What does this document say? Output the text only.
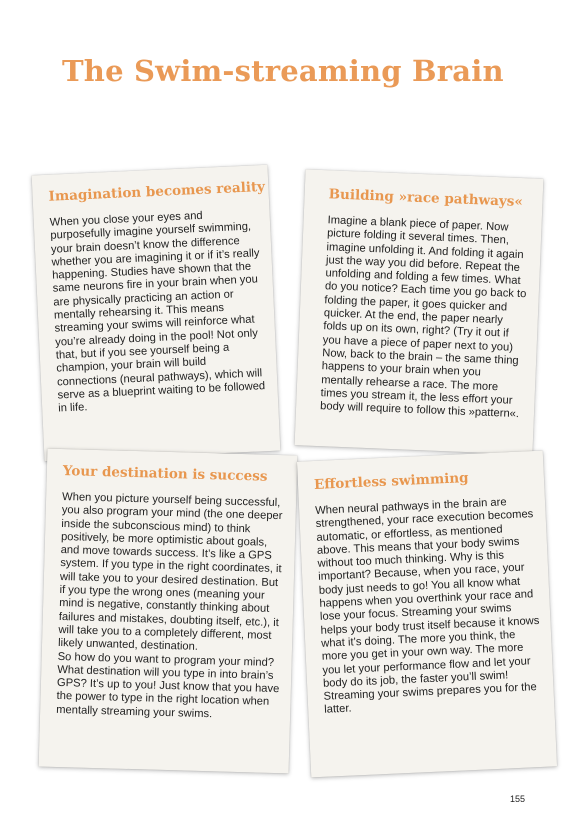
The Swim-streaming Brain
Imagination becomes reality

When you close your eyes and purposefully imagine yourself swimming, your brain doesn’t know the difference whether you are imagining it or if it’s really happening. Studies have shown that the same neurons fire in your brain when you are physically practicing an action or mentally rehearsing it. This means streaming your swims will reinforce what you’re already doing in the pool! Not only that, but if you see yourself being a champion, your brain will build connections (neural pathways), which will serve as a blueprint waiting to be followed in life.

Building »race pathways«

Imagine a blank piece of paper. Now picture folding it several times. Then, imagine unfolding it. And folding it again just the way you did before. Repeat the unfolding and folding a few times. What do you notice? Each time you go back to folding the paper, it goes quicker and quicker. At the end, the paper nearly folds up on its own, right? (Try it out if you have a piece of paper next to you) Now, back to the brain – the same thing happens to your brain when you mentally rehearse a race. The more times you stream it, the less effort your body will require to follow this »pattern«.

Your destination is success

When you picture yourself being successful, you also program your mind (the one deeper inside the subconscious mind) to think positively, be more optimistic about goals, and move towards success. It’s like a GPS system. If you type in the right coordinates, it will take you to your desired destination. But if you type the wrong ones (meaning your mind is negative, constantly thinking about failures and mistakes, doubting itself, etc.), it will take you to a completely different, most likely unwanted, destination.

So how do you want to program your mind? What destination will you type in into brain’s GPS? It’s up to you! Just know that you have the power to type in the right location when mentally streaming your swims.

Effortless swimming

When neural pathways in the brain are strengthened, your race execution becomes automatic, or effortless, as mentioned above. This means that your body swims without too much thinking. Why is this important? Because, when you race, your body just needs to go! You all know what happens when you overthink your race and lose your focus. Streaming your swims helps your body trust itself because it knows what it’s doing. The more you think, the more you get in your own way. The more you let your performance flow and let your body do its job, the faster you’ll swim! Streaming your swims prepares you for the latter.

155
